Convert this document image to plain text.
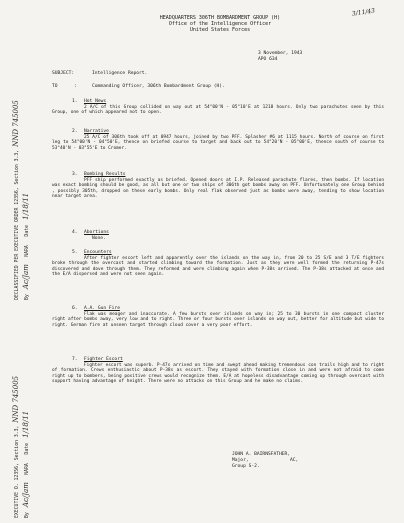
3/11/43
DECLASSIFIED PER EXECUTIVE ORDER 12356, Section 3.3, NND 745005
By  Ac/Jam   NARA   Date  1/18/11
EXECUTIVE O. 12356, Section 3.3, NND 745005
By  Ac/Jam   NARA   Date  1/18/11
HEADQUARTERS 306TH BOMBARDMENT GROUP (H)
Office of the Intelligence Officer
United States Forces
3 November, 1943
APO 634
SUBJECT:	Intelligence Report.
TO	:	Commanding Officer, 306th Bombardment Group (H).
1. Hot News
2 A/C of this Group collided on way out at 54°00'N - 05°10'E at 1218 hours. Only two parachutes seen by this Group, one of which appeared not to open.
2. Narrative
25 A/C of 306th took off at 0947 hours, joined by two PFF. Splasher #6 at 1115 hours. North of course on first leg to 54°00'N - 04°50'E, thence on briefed course to target and back out to 54°20'N - 05°00'E, thence south of course to 53°40'N - 03°55'E to Cromer.
3. Bombing Results
PFF ship performed exactly as briefed. Opened doors at I.P. Released parachute flares, then bombs. If location was exact bombing should be good, as all but one or two ships of 306th got bombs away on PFF. Unfortunately one Group behind , possibly 305th, dropped on these early bombs. Only real flak observed just as bombs were away, tending to show location near target area.
4. Abortions
None.
5. Encounters
After fighter escort left and apparently over the islands on the way in, from 20 to 25 S/E and 3 T/E fighters broke through the overcast and started climbing toward the formation. Just as they were well formed the returning P-47s discovered and dove through them. They reformed and were climbing again when P-38s arrived. The P-38s attacked at once and the E/A dispersed and were not seen again.
6. A.A. Gun Fire
Flak was meager and inaccurate. A few bursts over islands on way in; 25 to 30 bursts in one compact cluster right after bombs away, very low and to right. Three or four bursts over islands on way out, better for altitude but wide to right. German fire at unseen target through cloud cover a very poor effort.
7. Fighter Escort
Fighter escort was superb. P-47s arrived on time and swept ahead making tremendous con trails high and to right of formation. Crews enthusiastic about P-38s as escort. They stayed with formation close in and were not afraid to come right up to bombers, being positive crews would recognize them. E/A at hopeless disadvantage coming up through overcast with support having advantage of height. There were no attacks on this Group and he make no claims.
JOHN A. BAIRNSFATHER,
Major,	AC,
Group S-2.
